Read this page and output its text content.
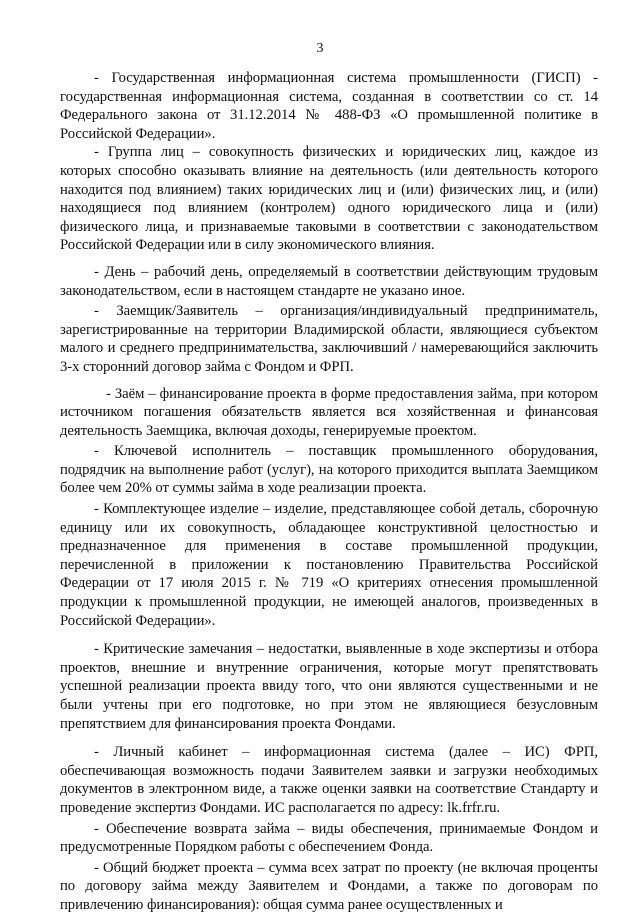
3

- Государственная информационная система промышленности (ГИСП) - государственная информационная система, созданная в соответствии со ст. 14 Федерального закона от 31.12.2014 № 488-ФЗ «О промышленной политике в Российской Федерации».

- Группа лиц – совокупность физических и юридических лиц, каждое из которых способно оказывать влияние на деятельность (или деятельность которого находится под влиянием) таких юридических лиц и (или) физических лиц, и (или) находящиеся под влиянием (контролем) одного юридического лица и (или) физического лица, и признаваемые таковыми в соответствии с законодательством Российской Федерации или в силу экономического влияния.

- День – рабочий день, определяемый в соответствии действующим трудовым законодательством, если в настоящем стандарте не указано иное.

- Заемщик/Заявитель – организация/индивидуальный предприниматель, зарегистрированные на территории Владимирской области, являющиеся субъектом малого и среднего предпринимательства, заключивший / намеревающийся заключить 3-х сторонний договор займа с Фондом и ФРП.

- Заём – финансирование проекта в форме предоставления займа, при котором источником погашения обязательств является вся хозяйственная и финансовая деятельность Заемщика, включая доходы, генерируемые проектом.

- Ключевой исполнитель – поставщик промышленного оборудования, подрядчик на выполнение работ (услуг), на которого приходится выплата Заемщиком более чем 20% от суммы займа в ходе реализации проекта.

- Комплектующее изделие – изделие, представляющее собой деталь, сборочную единицу или их совокупность, обладающее конструктивной целостностью и предназначенное для применения в составе промышленной продукции, перечисленной в приложении к постановлению Правительства Российской Федерации от 17 июля 2015 г. № 719 «О критериях отнесения промышленной продукции к промышленной продукции, не имеющей аналогов, произведенных в Российской Федерации».

- Критические замечания – недостатки, выявленные в ходе экспертизы и отбора проектов, внешние и внутренние ограничения, которые могут препятствовать успешной реализации проекта ввиду того, что они являются существенными и не были учтены при его подготовке, но при этом не являющиеся безусловным препятствием для финансирования проекта Фондами.

- Личный кабинет – информационная система (далее – ИС) ФРП, обеспечивающая возможность подачи Заявителем заявки и загрузки необходимых документов в электронном виде, а также оценки заявки на соответствие Стандарту и проведение экспертиз Фондами. ИС располагается по адресу: lk.frfr.ru.

- Обеспечение возврата займа – виды обеспечения, принимаемые Фондом и предусмотренные Порядком работы с обеспечением Фонда.

- Общий бюджет проекта – сумма всех затрат по проекту (не включая проценты по договору займа между Заявителем и Фондами, а также по договорам по привлечению финансирования): общая сумма ранее осуществленных и
